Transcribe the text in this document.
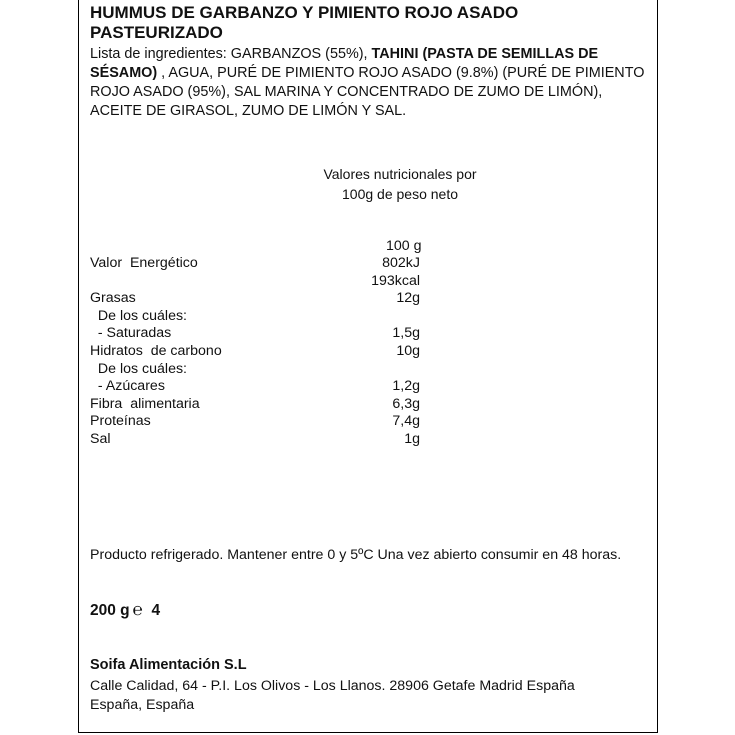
HUMMUS DE GARBANZO Y PIMIENTO ROJO ASADO
PASTEURIZADO
Lista de ingredientes: GARBANZOS (55%), TAHINI (PASTA DE SEMILLAS DE SÉSAMO) , AGUA, PURÉ DE PIMIENTO ROJO ASADO (9.8%) (PURÉ DE PIMIENTO ROJO ASADO (95%), SAL MARINA Y CONCENTRADO DE ZUMO DE LIMÓN), ACEITE DE GIRASOL, ZUMO DE LIMÓN Y SAL.
Valores nutricionales por
100g de peso neto
100 g
Valor  Energético	802kJ
193kcal
Grasas	12g
De los cuáles:
- Saturadas	1,5g
Hidratos  de carbono	10g
De los cuáles:
- Azúcares	1,2g
Fibra  alimentaria	6,3g
Proteínas	7,4g
Sal	1g
Producto refrigerado. Mantener entre 0 y 5ºC Una vez abierto consumir en 48 horas.
200 g ℮ 4
Soifa Alimentación S.L
Calle Calidad, 64 - P.I. Los Olivos - Los Llanos. 28906 Getafe Madrid España
España, España
